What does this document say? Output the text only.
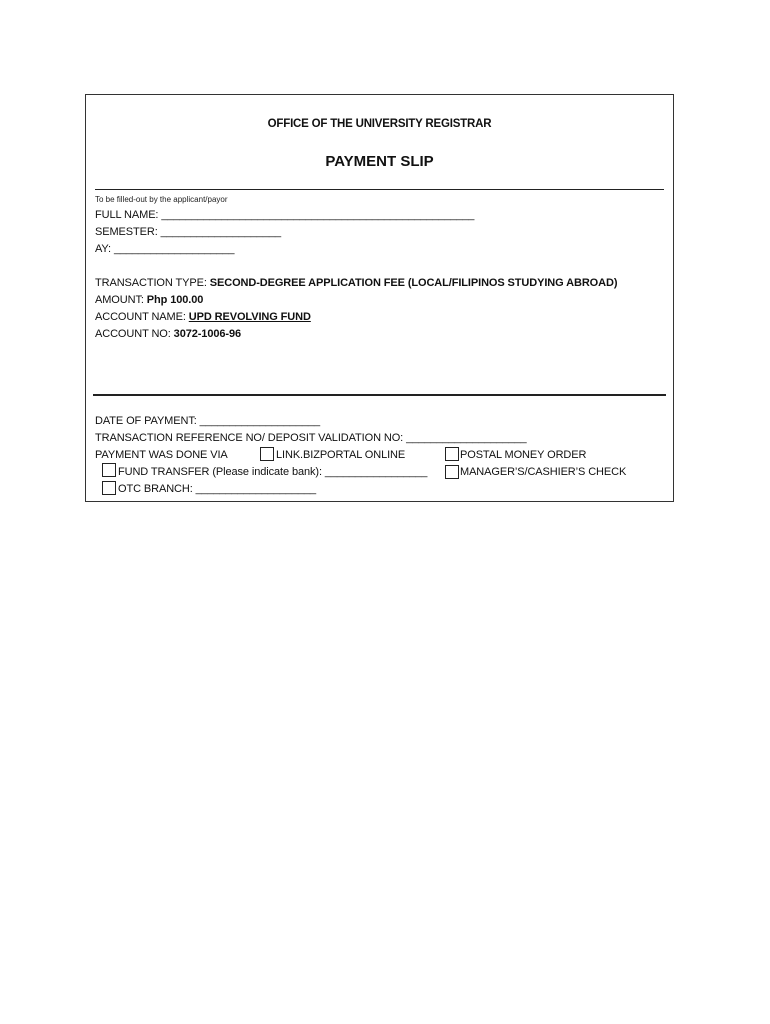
OFFICE OF THE UNIVERSITY REGISTRAR
PAYMENT SLIP
To be filled-out by the applicant/payor
FULL NAME: ____________________________________________________
SEMESTER: ____________________
AY: ____________________
TRANSACTION TYPE: SECOND-DEGREE APPLICATION FEE (LOCAL/FILIPINOS STUDYING ABROAD)
AMOUNT: Php 100.00
ACCOUNT NAME: UPD REVOLVING FUND
ACCOUNT NO: 3072-1006-96
DATE OF PAYMENT: ____________________
TRANSACTION REFERENCE NO/ DEPOSIT VALIDATION NO: ____________________
PAYMENT WAS DONE VIA	LINK.BIZPORTAL ONLINE	POSTAL MONEY ORDER
FUND TRANSFER (Please indicate bank): _________________	MANAGER’S/CASHIER’S CHECK
OTC BRANCH: ____________________
